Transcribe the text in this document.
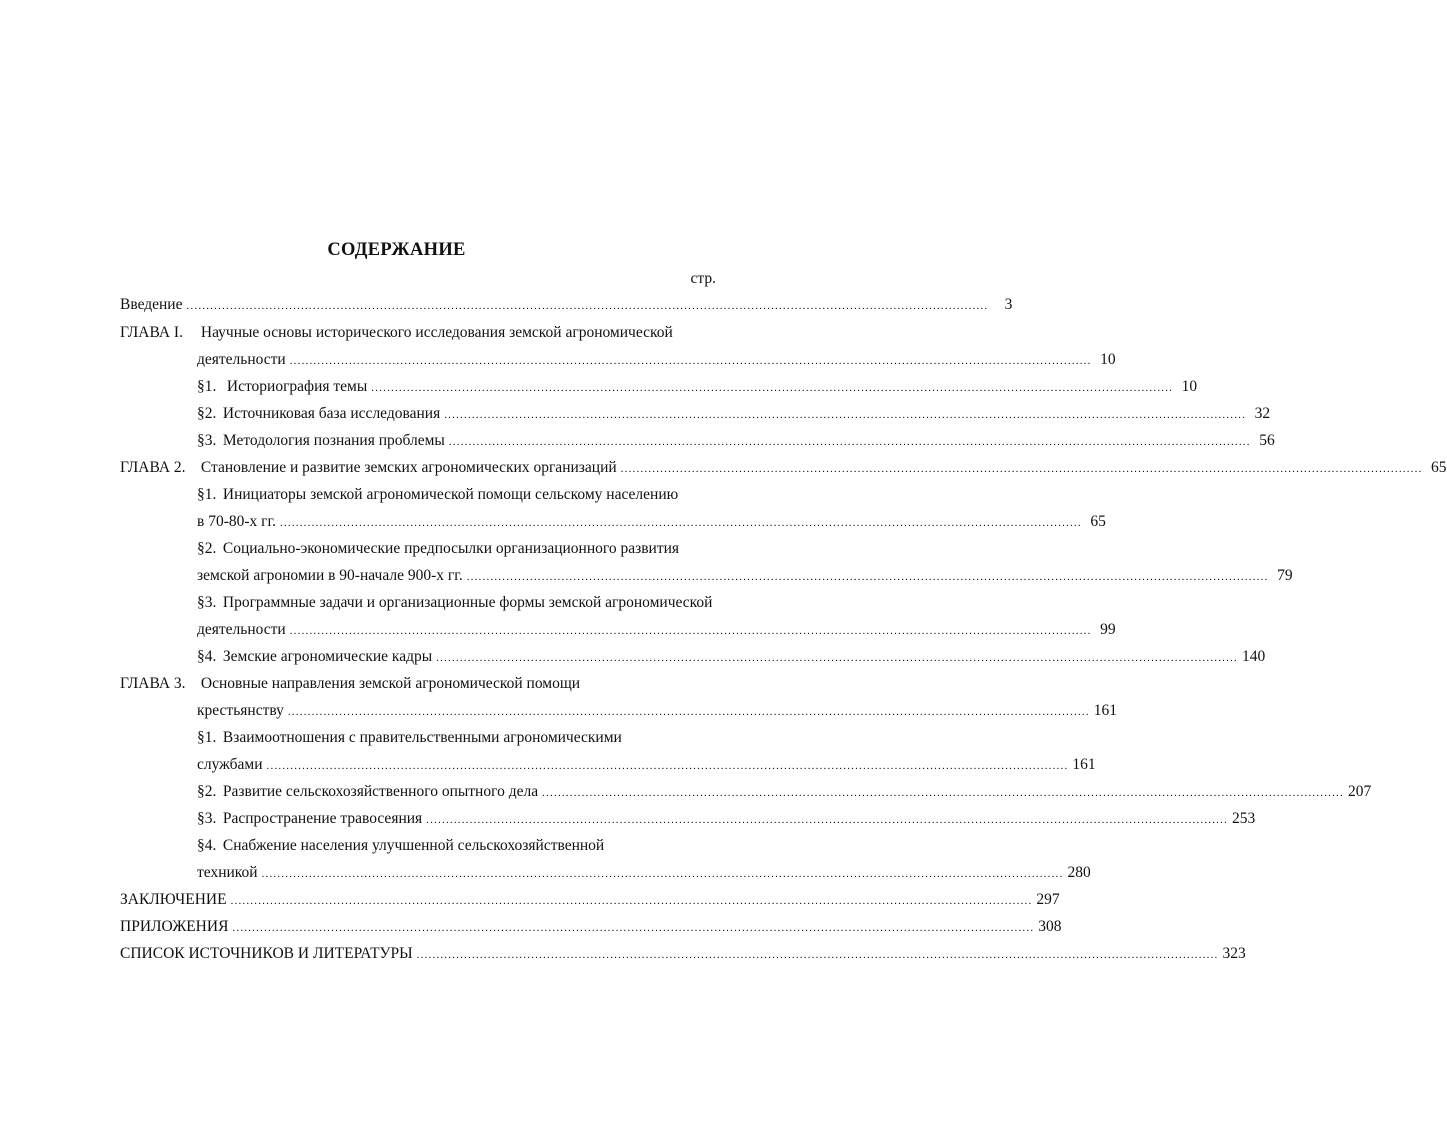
СОДЕРЖАНИЕ
стр.
Введение ...........................................................................................................................................................................................................	3
ГЛАВА I. Научные основы исторического исследования земской агрономической
деятельности ........................................................................................................................................................................................................... 10
§1. Историография темы ........................................................................................................................................................................................................... 10
§2. Источниковая база исследования ........................................................................................................................................................................................................... 32
§3. Методология познания проблемы ........................................................................................................................................................................................................... 56
ГЛАВА 2. Становление и развитие земских агрономических организаций ........................................................................................................................................................................................................... 65
§1. Инициаторы земской агрономической помощи сельскому населению
в 70-80-х гг. ........................................................................................................................................................................................................... 65
§2. Социально-экономические предпосылки организационного развития
земской агрономии в 90-начале 900-х гг. ........................................................................................................................................................................................................... 79
§3. Программные задачи и организационные формы земской агрономической
деятельности ........................................................................................................................................................................................................... 99
§4. Земские агрономические кадры ........................................................................................................................................................................................................... 140
ГЛАВА 3. Основные направления земской агрономической помощи
крестьянству ........................................................................................................................................................................................................... 161
§1. Взаимоотношения с правительственными агрономическими
службами ........................................................................................................................................................................................................... 161
§2. Развитие сельскохозяйственного опытного дела ........................................................................................................................................................................................................... 207
§3. Распространение травосеяния ........................................................................................................................................................................................................... 253
§4. Снабжение населения улучшенной сельскохозяйственной
техникой ........................................................................................................................................................................................................... 280
ЗАКЛЮЧЕНИЕ ........................................................................................................................................................................................................... 297
ПРИЛОЖЕНИЯ ........................................................................................................................................................................................................... 308
СПИСОК ИСТОЧНИКОВ И ЛИТЕРАТУРЫ ........................................................................................................................................................................................................... 323
